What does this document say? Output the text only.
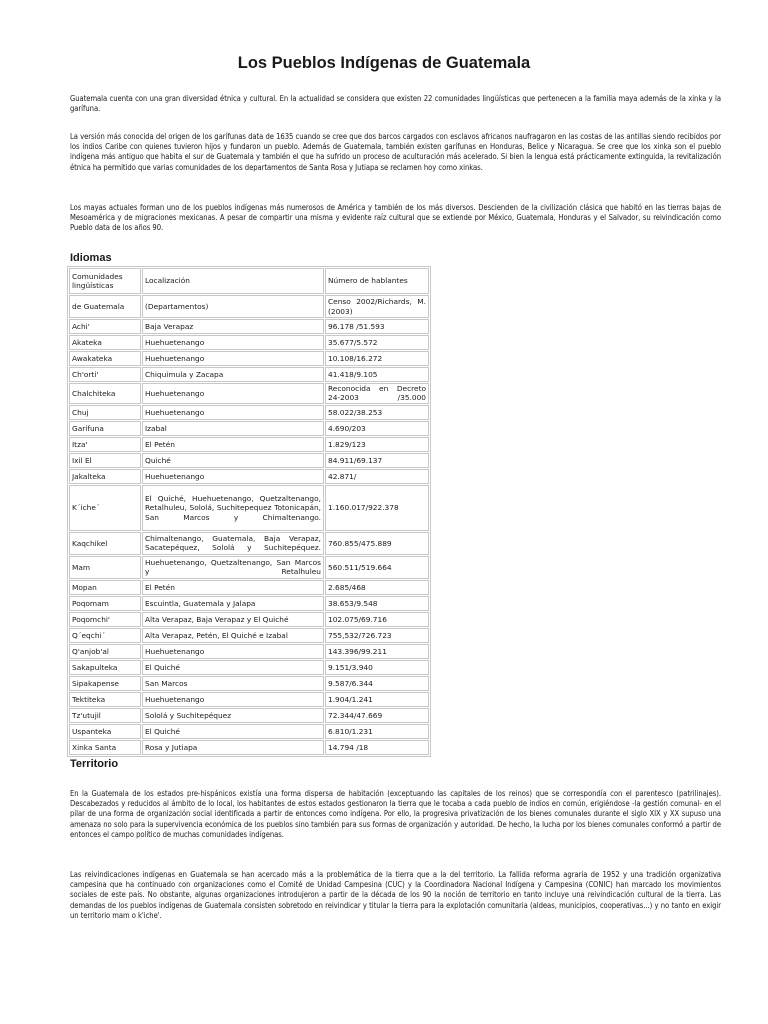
Los Pueblos Indígenas de Guatemala

Guatemala cuenta con una gran diversidad étnica y cultural. En la actualidad se considera que existen 22 comunidades lingüísticas que pertenecen a la familia maya además de la xinka y la garífuna.

La versión más conocida del origen de los garífunas data de 1635 cuando se cree que dos barcos cargados con esclavos africanos naufragaron en las costas de las antillas siendo recibidos por los indios Caribe con quienes tuvieron hijos y fundaron un pueblo. Además de Guatemala, también existen garífunas en Honduras, Belice y Nicaragua. Se cree que los xinka son el pueblo indígena más antiguo que habita el sur de Guatemala y también el que ha sufrido un proceso de aculturación más acelerado. Si bien la lengua está prácticamente extinguida, la revitalización étnica ha permitido que varias comunidades de los departamentos de Santa Rosa y Jutiapa se reclamen hoy como xinkas.

Los mayas actuales forman uno de los pueblos indígenas más numerosos de América y también de los más diversos. Descienden de la civilización clásica que habitó en las tierras bajas de Mesoamérica y de migraciones mexicanas. A pesar de compartir una misma y evidente raíz cultural que se extiende por México, Guatemala, Honduras y el Salvador, su reivindicación como Pueblo data de los años 90.

Idiomas
Comunidades lingüísticas	Localización	Número de hablantes
de Guatemala	(Departamentos)	Censo 2002/Richards, M. (2003)
Achi'	Baja Verapaz	96.178 /51.593
Akateka	Huehuetenango	35.677/5.572
Awakateka	Huehuetenango	10.108/16.272
Ch'orti'	Chiquimula y Zacapa	41.418/9.105
Chalchiteka	Huehuetenango	Reconocida en Decreto 24-2003 /35.000
Chuj	Huehuetenango	58.022/38.253
Garífuna	Izabal	4.690/203
Itza'	El Petén	1.829/123
Ixil El	Quiché	84.911/69.137
Jakalteka	Huehuetenango	42.871/
K´iche´	El Quiché, Huehuetenango, Quetzaltenango, Retalhuleu, Sololá, Suchitepequez Totonicapán, San Marcos y Chimaltenango.	1.160.017/922.378
Kaqchikel	Chimaltenango, Guatemala, Baja Verapaz, Sacatepéquez, Sololá y Suchitepéquez.	760.855/475.889
Mam	Huehuetenango, Quetzaltenango, San Marcos y Retalhuleu	560.511/519.664
Mopan	El Petén	2.685/468
Poqomam	Escuintla, Guatemala y Jalapa	38.653/9.548
Poqomchi'	Alta Verapaz, Baja Verapaz y El Quiché	102.075/69.716
Q´eqchi´	Alta Verapaz, Petén, El Quiché e Izabal	755,532/726.723
Q'anjob'al	Huehuetenango	143.396/99.211
Sakapulteka	El Quiché	9.151/3.940
Sipakapense	San Marcos	9.587/6.344
Tektiteka	Huehuetenango	1.904/1.241
Tz'utujil	Sololá y Suchitepéquez	72.344/47.669
Uspanteka	El Quiché	6.810/1.231
Xinka Santa	Rosa y Jutiapa	14.794 /18
Territorio

En la Guatemala de los estados pre-hispánicos existía una forma dispersa de habitación (exceptuando las capitales de los reinos) que se correspondía con el parentesco (patrilinajes). Descabezados y reducidos al ámbito de lo local, los habitantes de estos estados gestionaron la tierra que le tocaba a cada pueblo de indios en común, erigiéndose -la gestión comunal- en el pilar de una forma de organización social identificada a partir de entonces como indígena. Por ello, la progresiva privatización de los bienes comunales durante el siglo XIX y XX supuso una amenaza no solo para la supervivencia económica de los pueblos sino también para sus formas de organización y autoridad. De hecho, la lucha por los bienes comunales conformó a partir de entonces el campo político de muchas comunidades indígenas.

Las reivindicaciones indígenas en Guatemala se han acercado más a la problemática de la tierra que a la del territorio. La fallida reforma agraria de 1952 y una tradición organizativa campesina que ha continuado con organizaciones como el Comité de Unidad Campesina (CUC) y la Coordinadora Nacional Indígena y Campesina (CONIC) han marcado los movimientos sociales de este país. No obstante, algunas organizaciones introdujeron a partir de la década de los 90 la noción de territorio en tanto incluye una reivindicación cultural de la tierra. Las demandas de los pueblos indígenas de Guatemala consisten sobretodo en reivindicar y titular la tierra para la explotación comunitaria (aldeas, municipios, cooperativas...) y no tanto en exigir un territorio mam o k'iche'.
